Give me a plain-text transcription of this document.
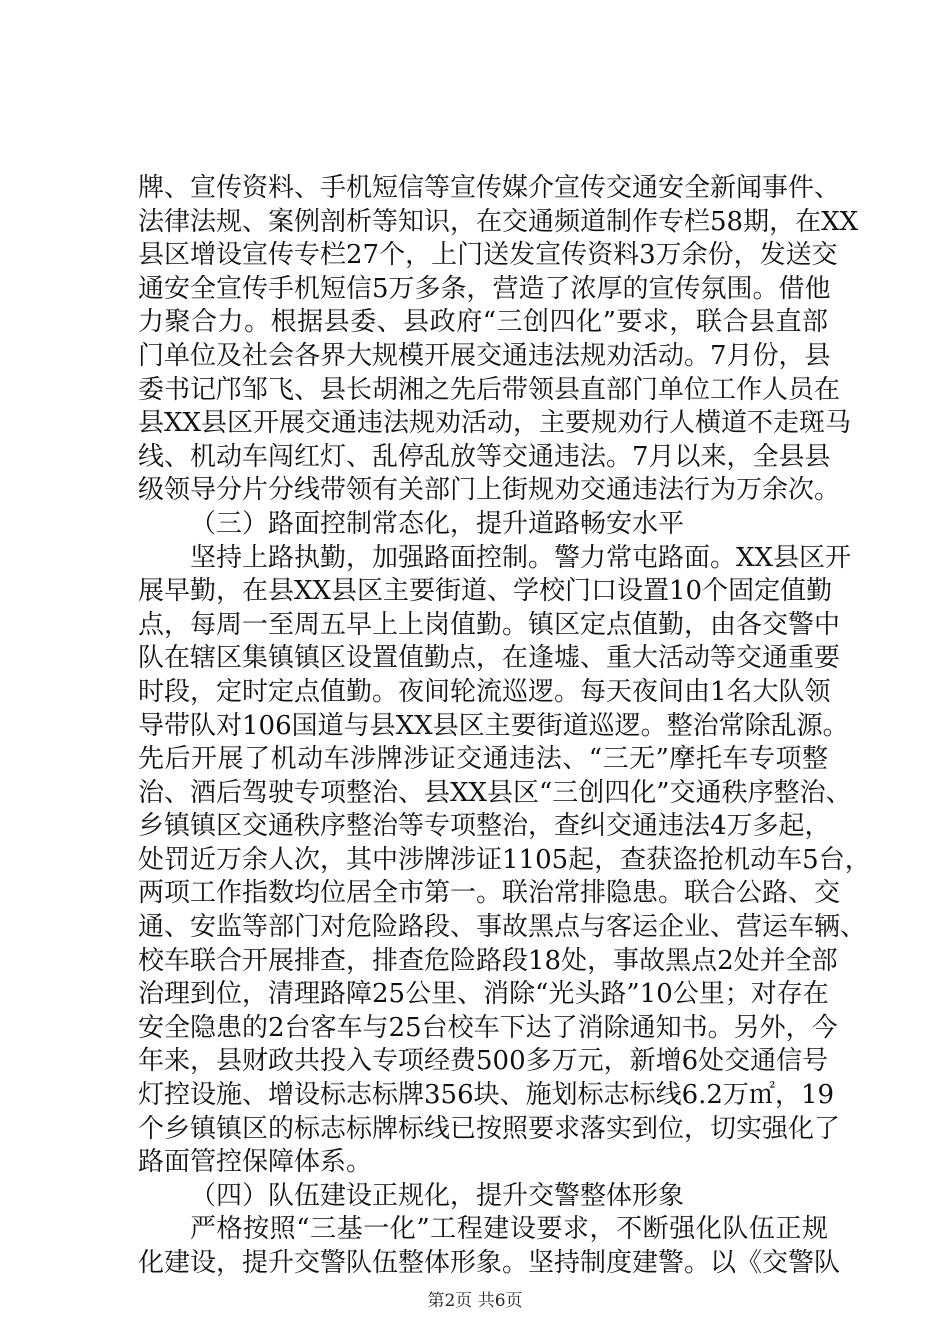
牌、宣传资料、手机短信等宣传媒介宣传交通安全新闻事件、
法律法规、案例剖析等知识，在交通频道制作专栏58期，在XX
县区增设宣传专栏27个，上门送发宣传资料3万余份，发送交
通安全宣传手机短信5万多条，营造了浓厚的宣传氛围。借他
力聚合力。根据县委、县政府“三创四化”要求，联合县直部
门单位及社会各界大规模开展交通违法规劝活动。7月份，县
委书记邝邹飞、县长胡湘之先后带领县直部门单位工作人员在
县XX县区开展交通违法规劝活动，主要规劝行人横道不走斑马
线、机动车闯红灯、乱停乱放等交通违法。7月以来，全县县
级领导分片分线带领有关部门上街规劝交通违法行为万余次。
（三）路面控制常态化，提升道路畅安水平
坚持上路执勤，加强路面控制。警力常屯路面。XX县区开
展早勤，在县XX县区主要街道、学校门口设置10个固定值勤
点，每周一至周五早上上岗值勤。镇区定点值勤，由各交警中
队在辖区集镇镇区设置值勤点，在逢墟、重大活动等交通重要
时段，定时定点值勤。夜间轮流巡逻。每天夜间由1名大队领
导带队对106国道与县XX县区主要街道巡逻。整治常除乱源。
先后开展了机动车涉牌涉证交通违法、“三无”摩托车专项整
治、酒后驾驶专项整治、县XX县区“三创四化”交通秩序整治、
乡镇镇区交通秩序整治等专项整治，查纠交通违法4万多起，
处罚近万余人次，其中涉牌涉证1105起，查获盗抢机动车5台，
两项工作指数均位居全市第一。联治常排隐患。联合公路、交
通、安监等部门对危险路段、事故黑点与客运企业、营运车辆、
校车联合开展排查，排查危险路段18处，事故黑点2处并全部
治理到位，清理路障25公里、消除“光头路”10公里；对存在
安全隐患的2台客车与25台校车下达了消除通知书。另外，今
年来，县财政共投入专项经费500多万元，新增6处交通信号
灯控设施、增设标志标牌356块、施划标志标线6.2万㎡，19
个乡镇镇区的标志标牌标线已按照要求落实到位，切实强化了
路面管控保障体系。
（四）队伍建设正规化，提升交警整体形象
严格按照“三基一化”工程建设要求，不断强化队伍正规
化建设，提升交警队伍整体形象。坚持制度建警。以《交警队
第2页 共6页
